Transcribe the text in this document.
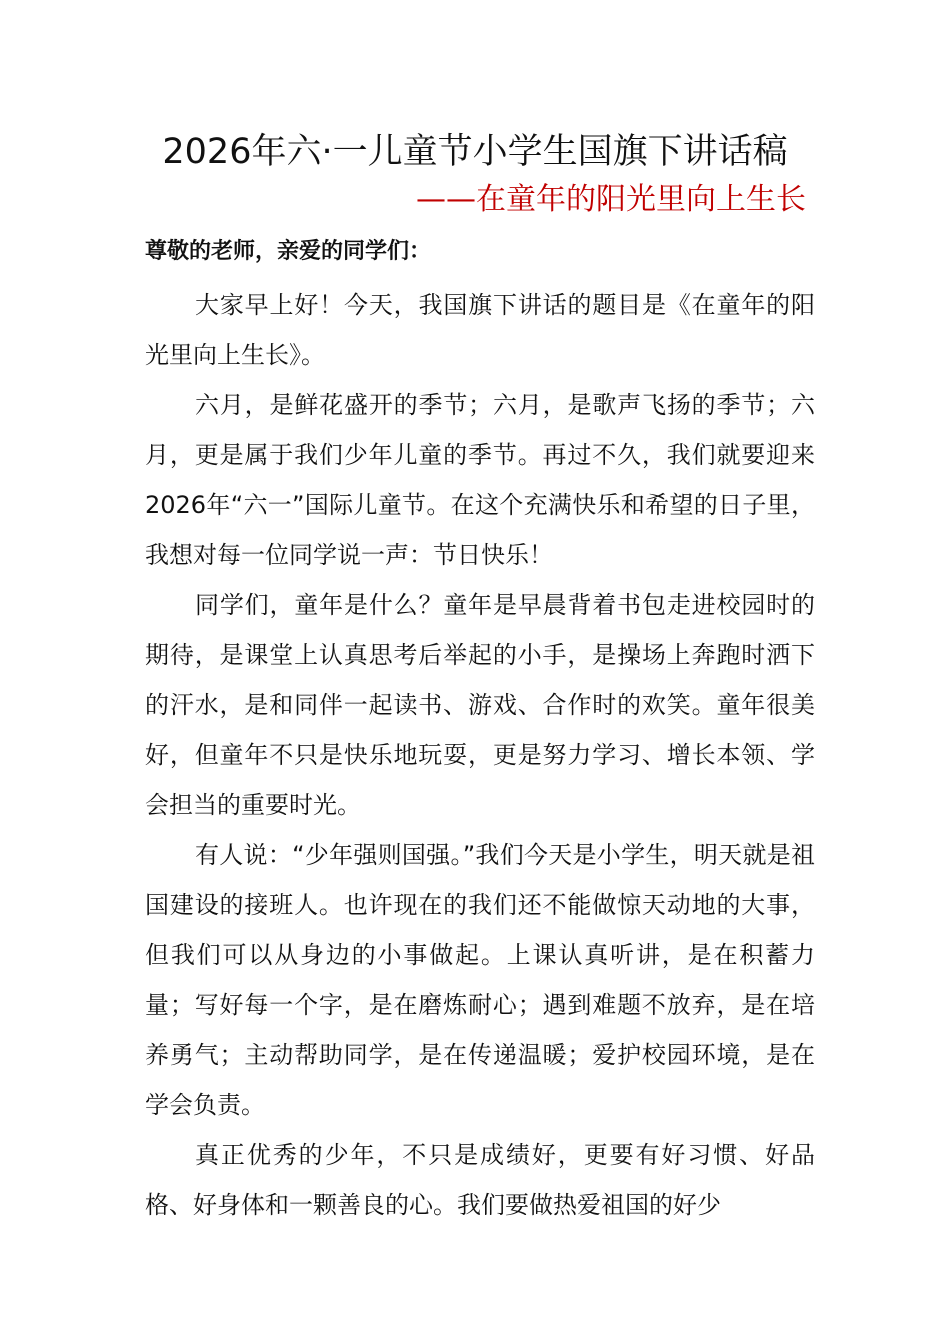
2026年六·一儿童节小学生国旗下讲话稿
——在童年的阳光里向上生长
尊敬的老师，亲爱的同学们：

大家早上好！今天，我国旗下讲话的题目是《在童年的阳光里向上生长》。

六月，是鲜花盛开的季节；六月，是歌声飞扬的季节；六月，更是属于我们少年儿童的季节。再过不久，我们就要迎来2026年“六一”国际儿童节。在这个充满快乐和希望的日子里，我想对每一位同学说一声：节日快乐！

同学们，童年是什么？童年是早晨背着书包走进校园时的期待，是课堂上认真思考后举起的小手，是操场上奔跑时洒下的汗水，是和同伴一起读书、游戏、合作时的欢笑。童年很美好，但童年不只是快乐地玩耍，更是努力学习、增长本领、学会担当的重要时光。

有人说：“少年强则国强。”我们今天是小学生，明天就是祖国建设的接班人。也许现在的我们还不能做惊天动地的大事，但我们可以从身边的小事做起。上课认真听讲，是在积蓄力量；写好每一个字，是在磨炼耐心；遇到难题不放弃，是在培养勇气；主动帮助同学，是在传递温暖；爱护校园环境，是在学会负责。

真正优秀的少年，不只是成绩好，更要有好习惯、好品格、好身体和一颗善良的心。我们要做热爱祖国的好少
